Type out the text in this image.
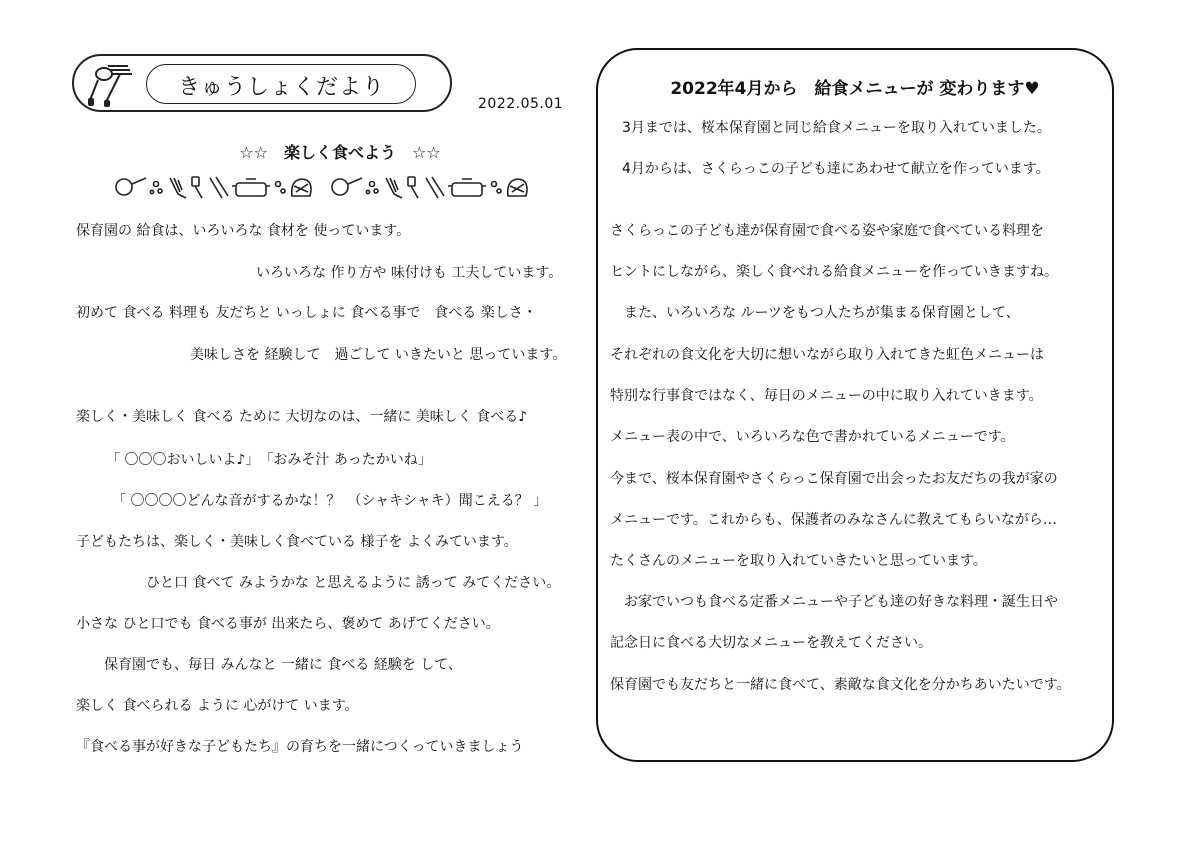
きゅうしょくだより
2022.05.01
☆☆　楽しく食べよう　☆☆
保育園の 給食は、いろいろな 食材を 使っています。
いろいろな 作り方や 味付けも 工夫しています。
初めて 食べる 料理も 友だちと いっしょに 食べる事で　食べる 楽しさ・
美味しさを 経験して　過ごして いきたいと 思っています。
楽しく・美味しく 食べる ために 大切なのは、一緒に 美味しく 食べる♪
「 〇〇〇おいしいよ♪」　「おみそ汁 あったかいね」
「 〇〇〇〇どんな音がするかな！？　（シャキシャキ）聞こえる？ 」
子どもたちは、楽しく・美味しく食べている 様子を よくみています。
ひと口 食べて みようかな と思えるように 誘って みてください。
小さな ひと口でも 食べる事が 出来たら、褒めて あげてください。
保育園でも、毎日 みんなと 一緒に 食べる 経験を して、
楽しく 食べられる ように 心がけて います。
『食べる事が好きな子どもたち』の育ちを一緒につくっていきましょう
2022年4月から　給食メニューが 変わります♥
3月までは、桜本保育園と同じ給食メニューを取り入れていました。
4月からは、さくらっこの子ども達にあわせて献立を作っています。
さくらっこの子ども達が保育園で食べる姿や家庭で食べている料理を
ヒントにしながら、楽しく食べれる給食メニューを作っていきますね。
また、いろいろな ルーツをもつ人たちが集まる保育園として、
それぞれの食文化を大切に想いながら取り入れてきた虹色メニューは
特別な行事食ではなく、毎日のメニューの中に取り入れていきます。
メニュー表の中で、いろいろな色で書かれているメニューです。
今まで、桜本保育園やさくらっこ保育園で出会ったお友だちの我が家の
メニューです。これからも、保護者のみなさんに教えてもらいながら…
たくさんのメニューを取り入れていきたいと思っています。
お家でいつも食べる定番メニューや子ども達の好きな料理・誕生日や
記念日に食べる大切なメニューを教えてください。
保育園でも友だちと一緒に食べて、素敵な食文化を分かちあいたいです。
